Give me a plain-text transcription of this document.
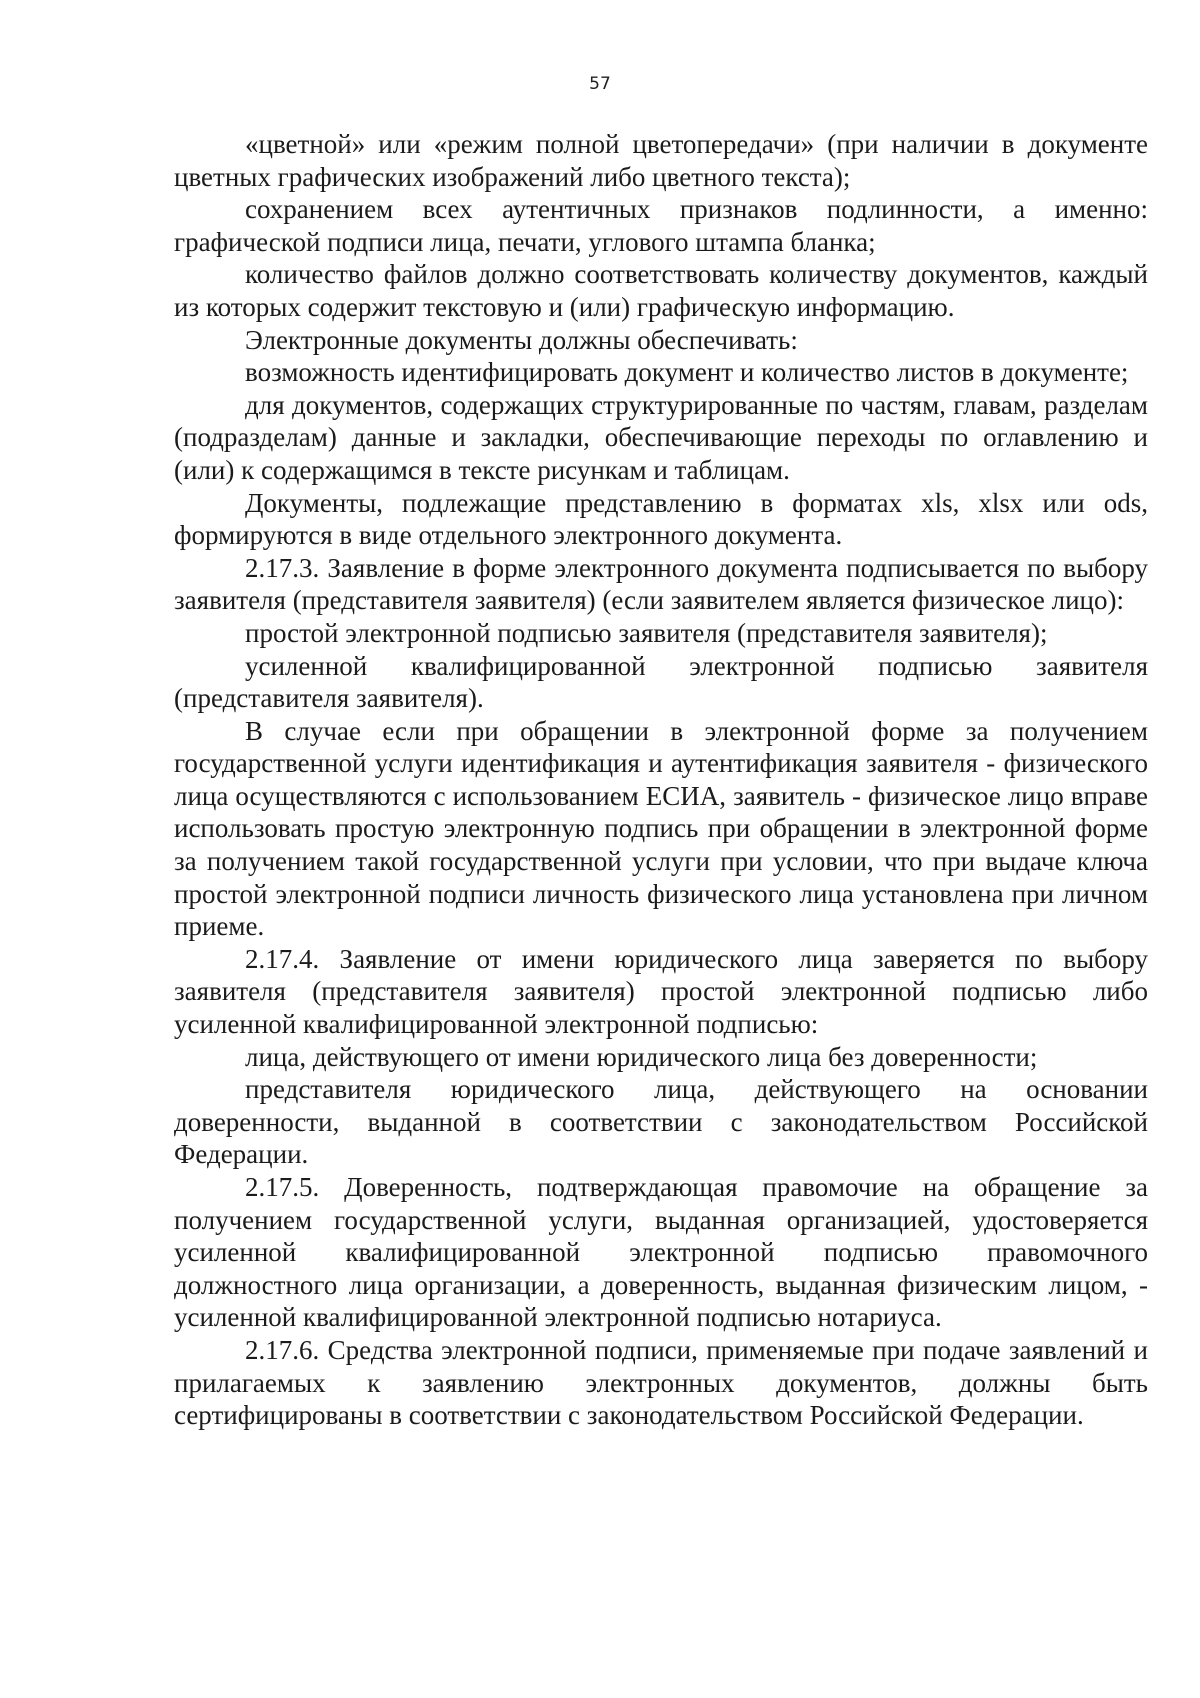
57

«цветной» или «режим полной цветопередачи» (при наличии в документе цветных графических изображений либо цветного текста);

сохранением всех аутентичных признаков подлинности, а именно: графической подписи лица, печати, углового штампа бланка;

количество файлов должно соответствовать количеству документов, каждый из которых содержит текстовую и (или) графическую информацию.

Электронные документы должны обеспечивать:

возможность идентифицировать документ и количество листов в документе;

для документов, содержащих структурированные по частям, главам, разделам (подразделам) данные и закладки, обеспечивающие переходы по оглавлению и (или) к содержащимся в тексте рисункам и таблицам.

Документы, подлежащие представлению в форматах xls, xlsx или ods, формируются в виде отдельного электронного документа.

2.17.3. Заявление в форме электронного документа подписывается по выбору заявителя (представителя заявителя) (если заявителем является физическое лицо):

простой электронной подписью заявителя (представителя заявителя);

усиленной квалифицированной электронной подписью заявителя (представителя заявителя).

В случае если при обращении в электронной форме за получением государственной услуги идентификация и аутентификация заявителя - физического лица осуществляются с использованием ЕСИА, заявитель - физическое лицо вправе использовать простую электронную подпись при обращении в электронной форме за получением такой государственной услуги при условии, что при выдаче ключа простой электронной подписи личность физического лица установлена при личном приеме.

2.17.4. Заявление от имени юридического лица заверяется по выбору заявителя (представителя заявителя) простой электронной подписью либо усиленной квалифицированной электронной подписью:

лица, действующего от имени юридического лица без доверенности;

представителя юридического лица, действующего на основании доверенности, выданной в соответствии с законодательством Российской Федерации.

2.17.5. Доверенность, подтверждающая правомочие на обращение за получением государственной услуги, выданная организацией, удостоверяется усиленной квалифицированной электронной подписью правомочного должностного лица организации, а доверенность, выданная физическим лицом, - усиленной квалифицированной электронной подписью нотариуса.

2.17.6. Средства электронной подписи, применяемые при подаче заявлений и прилагаемых к заявлению электронных документов, должны быть сертифицированы в соответствии с законодательством Российской Федерации.
